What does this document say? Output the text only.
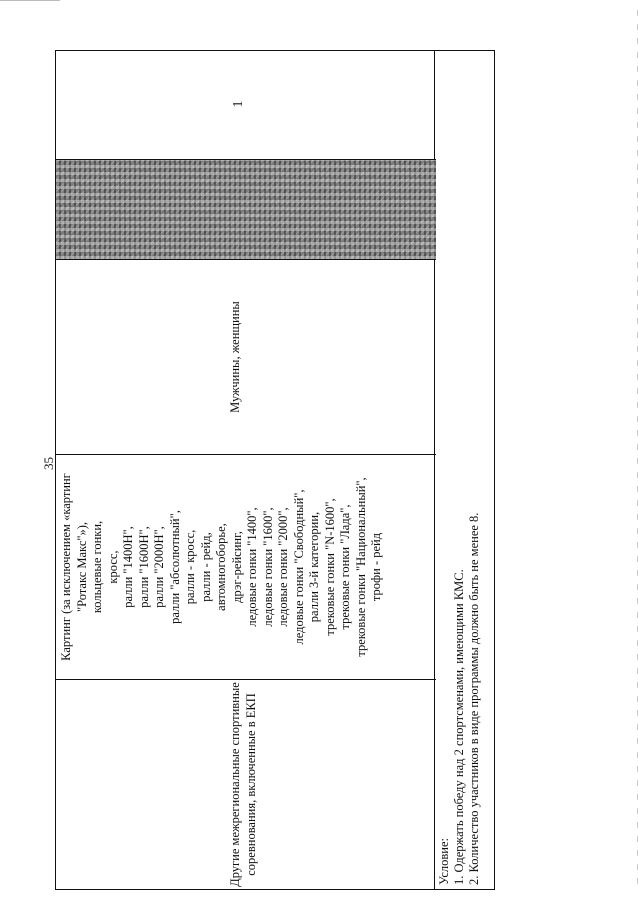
35
Другие межрегиональные спортивные соревнования, включенные в ЕКП
Картинг (за исключением «картинг "Ротакс Макс"»), кольцевые гонки, кросс, ралли "1400Н", ралли "1600Н", ралли "2000Н", ралли "абсолютный", ралли - кросс, ралли - рейд, автомногоборье, дрэг-рейсинг, ледовые гонки "1400", ледовые гонки "1600", ледовые гонки "2000", ледовые гонки "Свободный", ралли 3-й категории, трековые гонки "N-1600", трековые гонки "Лада", трековые гонки "Национальный", трофи - рейд
Мужчины, женщины
1
Условие: 1. Одержать победу над 2 спортсменами, имеющими КМС. 2. Количество участников в виде программы должно быть не менее 8.
